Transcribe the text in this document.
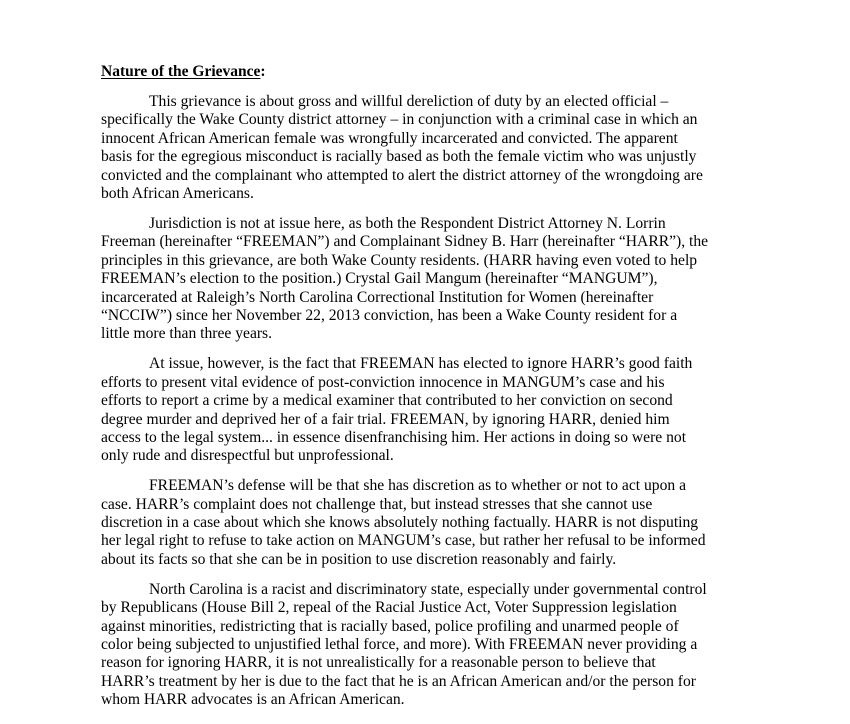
Nature of the Grievance:
This grievance is about gross and willful dereliction of duty by an elected official –
specifically the Wake County district attorney – in conjunction with a criminal case in which an
innocent African American female was wrongfully incarcerated and convicted. The apparent
basis for the egregious misconduct is racially based as both the female victim who was unjustly
convicted and the complainant who attempted to alert the district attorney of the wrongdoing are
both African Americans.
Jurisdiction is not at issue here, as both the Respondent District Attorney N. Lorrin
Freeman (hereinafter “FREEMAN”) and Complainant Sidney B. Harr (hereinafter “HARR”), the
principles in this grievance, are both Wake County residents. (HARR having even voted to help
FREEMAN’s election to the position.) Crystal Gail Mangum (hereinafter “MANGUM”),
incarcerated at Raleigh’s North Carolina Correctional Institution for Women (hereinafter
“NCCIW”) since her November 22, 2013 conviction, has been a Wake County resident for a
little more than three years.
At issue, however, is the fact that FREEMAN has elected to ignore HARR’s good faith
efforts to present vital evidence of post-conviction innocence in MANGUM’s case and his
efforts to report a crime by a medical examiner that contributed to her conviction on second
degree murder and deprived her of a fair trial. FREEMAN, by ignoring HARR, denied him
access to the legal system... in essence disenfranchising him. Her actions in doing so were not
only rude and disrespectful but unprofessional.
FREEMAN’s defense will be that she has discretion as to whether or not to act upon a
case. HARR’s complaint does not challenge that, but instead stresses that she cannot use
discretion in a case about which she knows absolutely nothing factually. HARR is not disputing
her legal right to refuse to take action on MANGUM’s case, but rather her refusal to be informed
about its facts so that she can be in position to use discretion reasonably and fairly.
North Carolina is a racist and discriminatory state, especially under governmental control
by Republicans (House Bill 2, repeal of the Racial Justice Act, Voter Suppression legislation
against minorities, redistricting that is racially based, police profiling and unarmed people of
color being subjected to unjustified lethal force, and more). With FREEMAN never providing a
reason for ignoring HARR, it is not unrealistically for a reasonable person to believe that
HARR’s treatment by her is due to the fact that he is an African American and/or the person for
whom HARR advocates is an African American.
